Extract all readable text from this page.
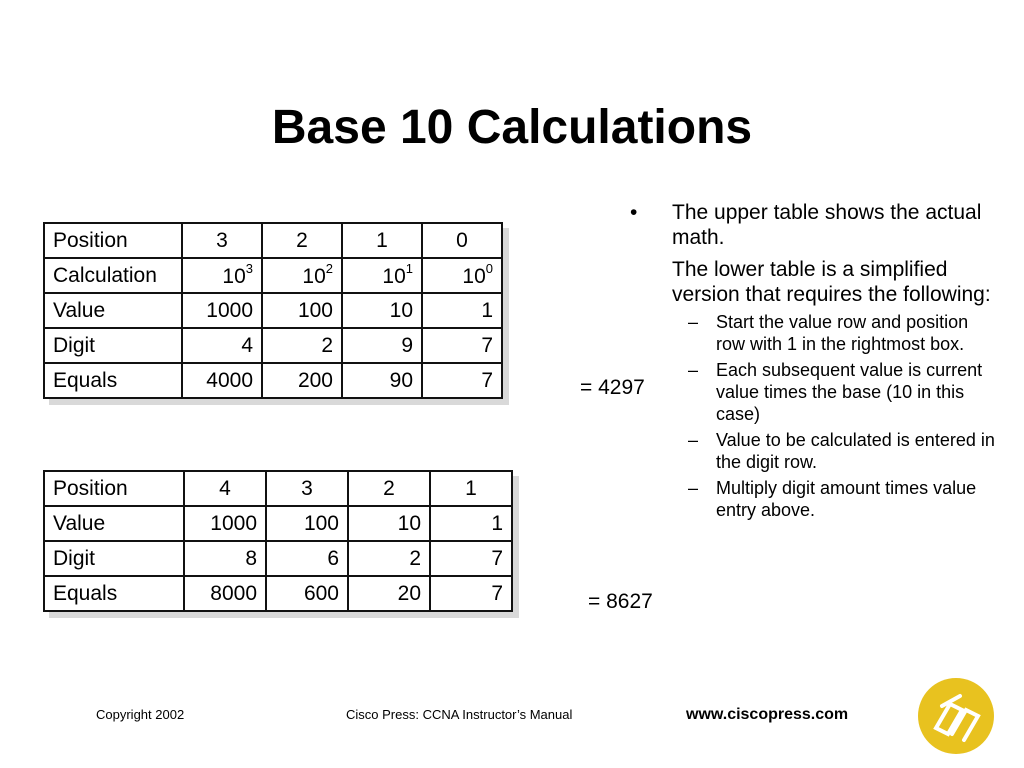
Base 10 Calculations
Position	3	2	1	0
Calculation	$10^3$	$10^2$	$10^1$	$10^0$
Value	1000	100	10	1
Digit	4	2	9	7
Equals	4000	200	90	7	= 4297
Position	4	3	2	1
Value	1000	100	10	1
Digit	8	6	2	7
Equals	8000	600	20	7	= 8627
• The upper table shows the actual math.
The lower table is a simplified version that requires the following:
– Start the value row and position row with 1 in the rightmost box.
– Each subsequent value is current value times the base (10 in this case)
– Value to be calculated is entered in the digit row.
– Multiply digit amount times value entry above.
Copyright 2002	Cisco Press: CCNA Instructor’s Manual	www.ciscopress.com
